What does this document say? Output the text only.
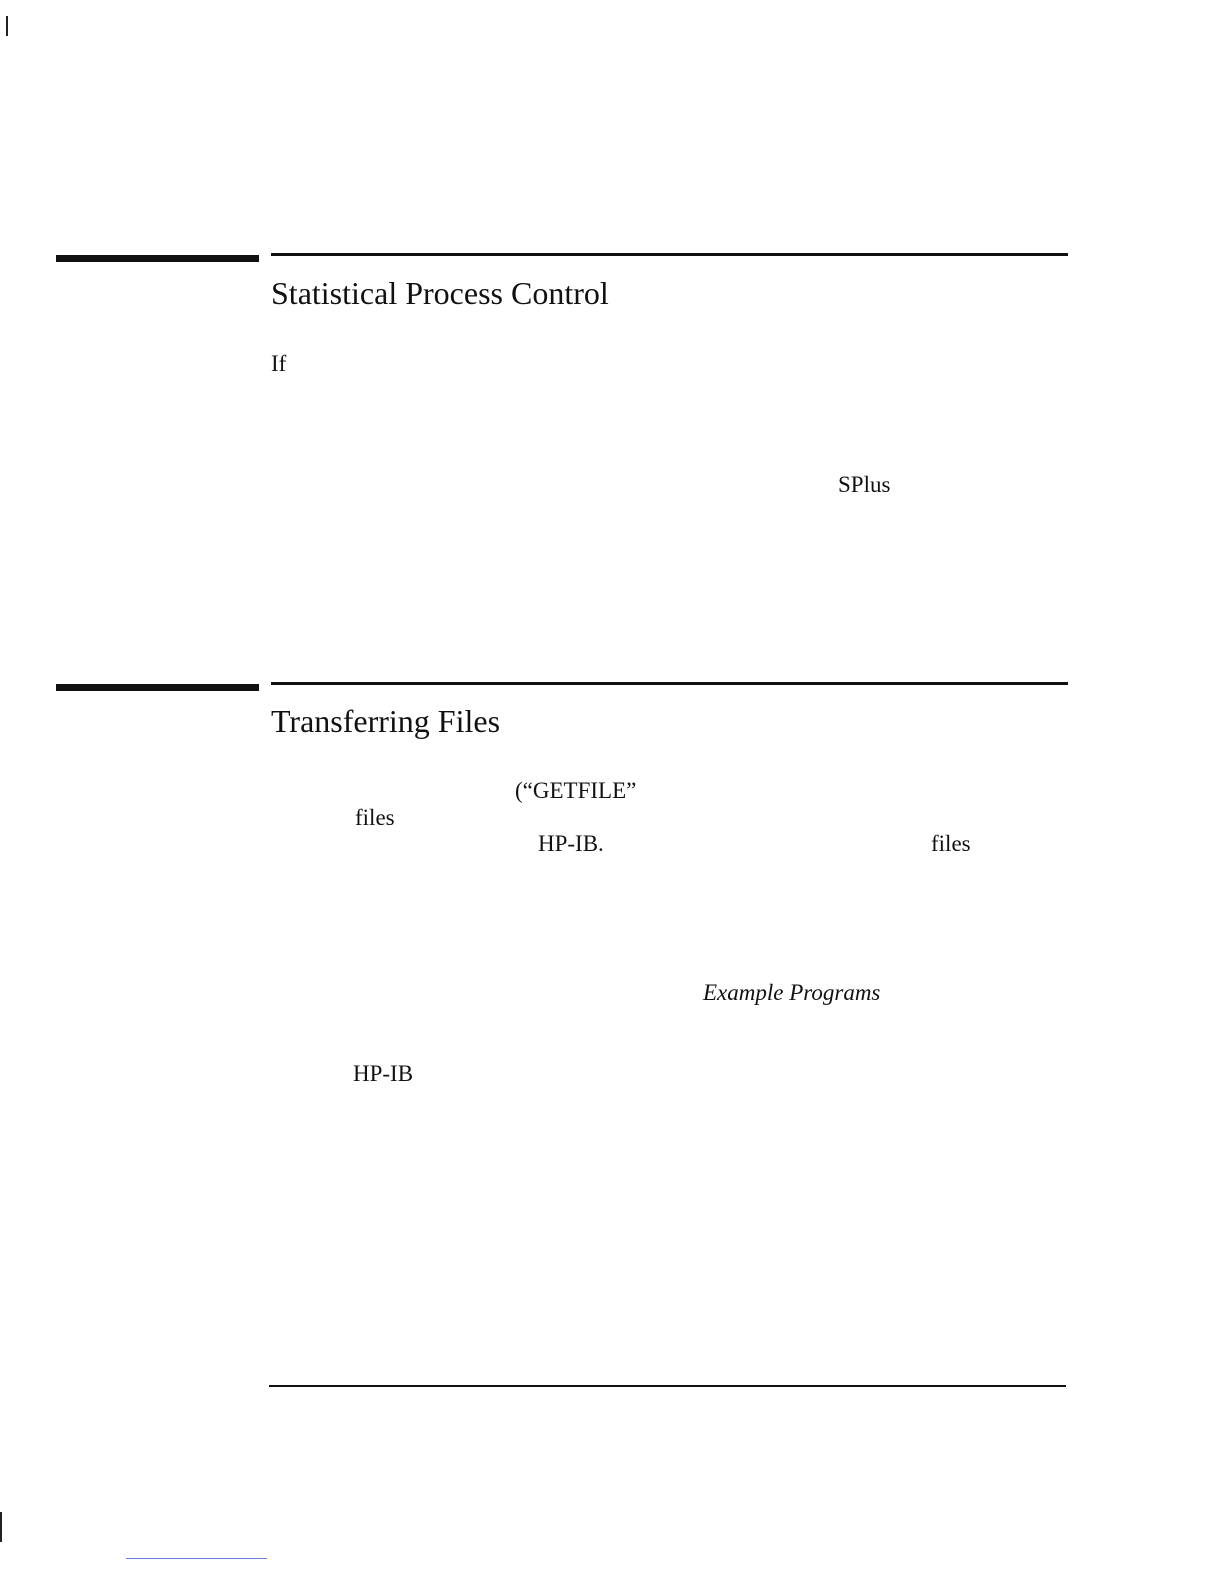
Statistical Process Control
If
SPlus
Transferring Files
(“GETFILE”
files
HP-IB.	files
Example Programs
HP-IB
